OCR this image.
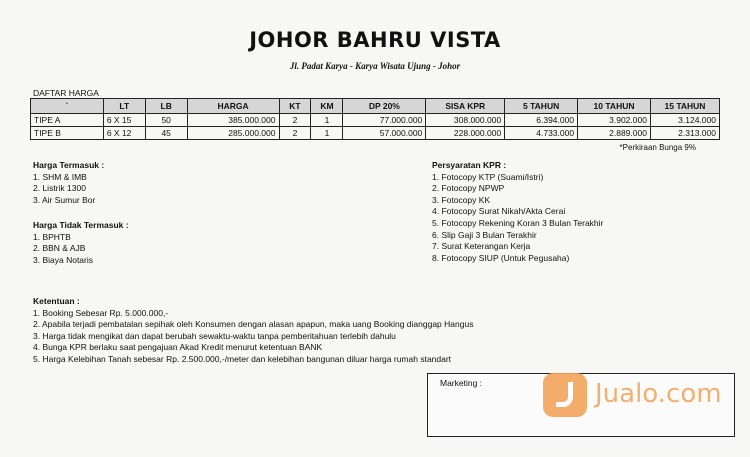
JOHOR BAHRU VISTA
Jl. Padat Karya - Karya Wisata Ujung - Johor
DAFTAR HARGA
`	LT	LB	HARGA	KT	KM	DP 20%	SISA KPR	5 TAHUN	10 TAHUN	15 TAHUN
TIPE A	6 X 15	50	385.000.000	2	1	77.000.000	308.000.000	6.394.000	3.902.000	3.124.000
TIPE B	6 X 12	45	285.000.000	2	1	57.000.000	228.000.000	4.733.000	2.889.000	2.313.000
*Perkiraan Bunga 9%
Harga Termasuk :
1. SHM & IMB
2. Listrik 1300
3. Air Sumur Bor
Harga Tidak Termasuk :
1. BPHTB
2. BBN & AJB
3. Biaya Notaris
Persyaratan KPR :
1. Fotocopy KTP (Suami/Istri)
2. Fotocopy NPWP
3. Fotocopy KK
4. Fotocopy Surat Nikah/Akta Cerai
5. Fotocopy Rekening Koran 3 Bulan Terakhir
6. Slip Gaji 3 Bulan Terakhir
7. Surat Keterangan Kerja
8. Fotocopy SIUP (Untuk Pegusaha)
Ketentuan :
1. Booking Sebesar Rp. 5.000.000,-
2. Apabila terjadi pembatalan sepihak oleh Konsumen dengan alasan apapun, maka uang Booking dianggap Hangus
3. Harga tidak mengikat dan dapat berubah sewaktu-waktu tanpa pemberitahuan terlebih dahulu
4. Bunga KPR berlaku saat pengajuan Akad Kredit menurut ketentuan BANK
5. Harga Kelebihan Tanah sebesar Rp. 2.500.000,-/meter dan kelebihan bangunan diluar harga rumah standart
Marketing :	Jualo.com
